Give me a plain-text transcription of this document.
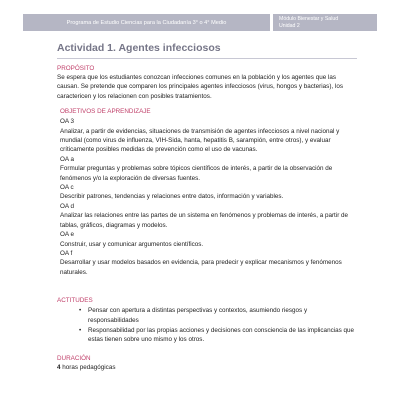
Programa de Estudio Ciencias para la Ciudadanía 3° o 4° Medio
Módulo Bienestar y Salud
Unidad 2
Actividad 1. Agentes infecciosos
PROPÓSITO
Se espera que los estudiantes conozcan infecciones comunes en la población y los agentes que las causan. Se pretende que comparen los principales agentes infecciosos (virus, hongos y bacterias), los caractericen y los relacionen con posibles tratamientos.
OBJETIVOS DE APRENDIZAJE
OA 3
Analizar, a partir de evidencias, situaciones de transmisión de agentes infecciosos a nivel nacional y mundial (como virus de influenza, VIH-Sida, hanta, hepatitis B, sarampión, entre otros), y evaluar críticamente posibles medidas de prevención como el uso de vacunas.
OA a
Formular preguntas y problemas sobre tópicos científicos de interés, a partir de la observación de fenómenos y/o la exploración de diversas fuentes.
OA c
Describir patrones, tendencias y relaciones entre datos, información y variables.
OA d
Analizar las relaciones entre las partes de un sistema en fenómenos y problemas de interés, a partir de tablas, gráficos, diagramas y modelos.
OA e
Construir, usar y comunicar argumentos científicos.
OA f
Desarrollar y usar modelos basados en evidencia, para predecir y explicar mecanismos y fenómenos naturales.
ACTITUDES
• Pensar con apertura a distintas perspectivas y contextos, asumiendo riesgos y responsabilidades
• Responsabilidad por las propias acciones y decisiones con consciencia de las implicancias que estas tienen sobre uno mismo y los otros.
DURACIÓN
4 horas pedagógicas
